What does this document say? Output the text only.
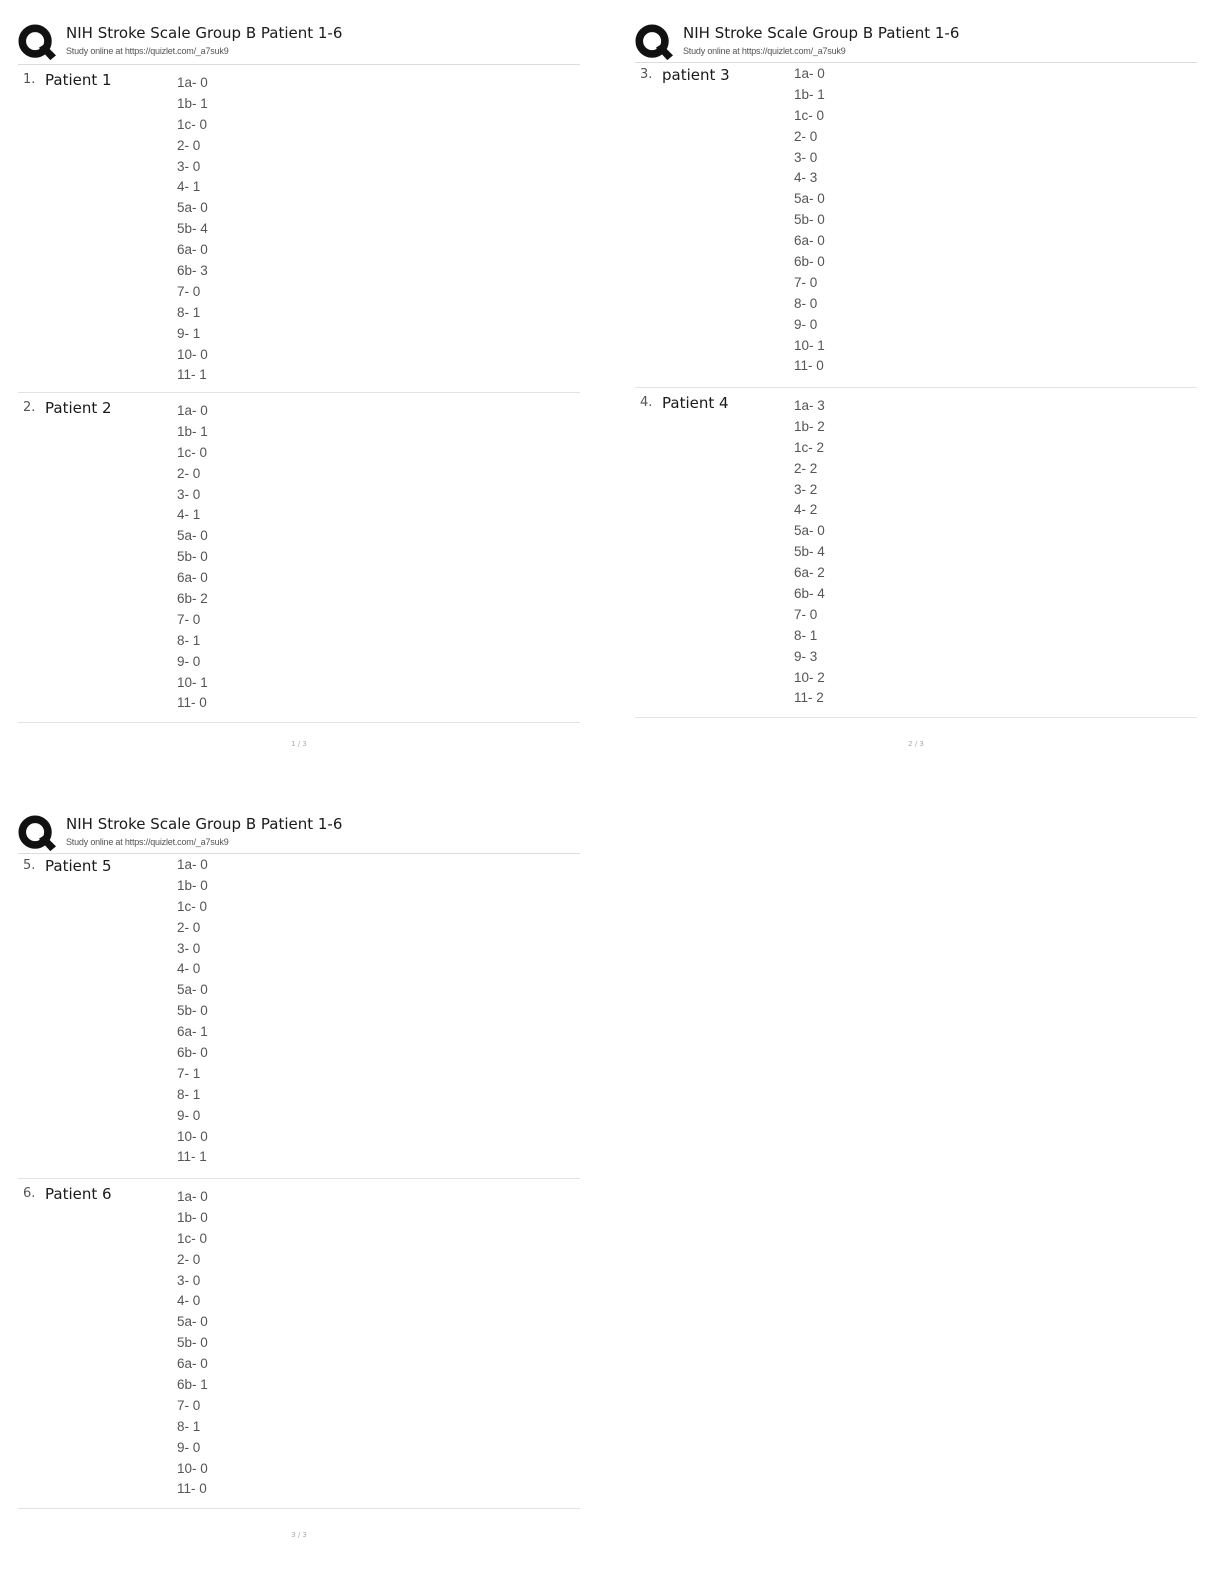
NIH Stroke Scale Group B Patient 1-6
Study online at https://quizlet.com/_a7suk9
1. Patient 1	1a- 0
1b- 1
1c- 0
2- 0
3- 0
4- 1
5a- 0
5b- 4
6a- 0
6b- 3
7- 0
8- 1
9- 1
10- 0
11- 1
2. Patient 2	1a- 0
1b- 1
1c- 0
2- 0
3- 0
4- 1
5a- 0
5b- 0
6a- 0
6b- 2
7- 0
8- 1
9- 0
10- 1
11- 0
1 / 3
NIH Stroke Scale Group B Patient 1-6
Study online at https://quizlet.com/_a7suk9
3. patient 3	1a- 0
1b- 1
1c- 0
2- 0
3- 0
4- 3
5a- 0
5b- 0
6a- 0
6b- 0
7- 0
8- 0
9- 0
10- 1
11- 0
4. Patient 4	1a- 3
1b- 2
1c- 2
2- 2
3- 2
4- 2
5a- 0
5b- 4
6a- 2
6b- 4
7- 0
8- 1
9- 3
10- 2
11- 2
2 / 3
NIH Stroke Scale Group B Patient 1-6
Study online at https://quizlet.com/_a7suk9
5. Patient 5	1a- 0
1b- 0
1c- 0
2- 0
3- 0
4- 0
5a- 0
5b- 0
6a- 1
6b- 0
7- 1
8- 1
9- 0
10- 0
11- 1
6. Patient 6	1a- 0
1b- 0
1c- 0
2- 0
3- 0
4- 0
5a- 0
5b- 0
6a- 0
6b- 1
7- 0
8- 1
9- 0
10- 0
11- 0
3 / 3
